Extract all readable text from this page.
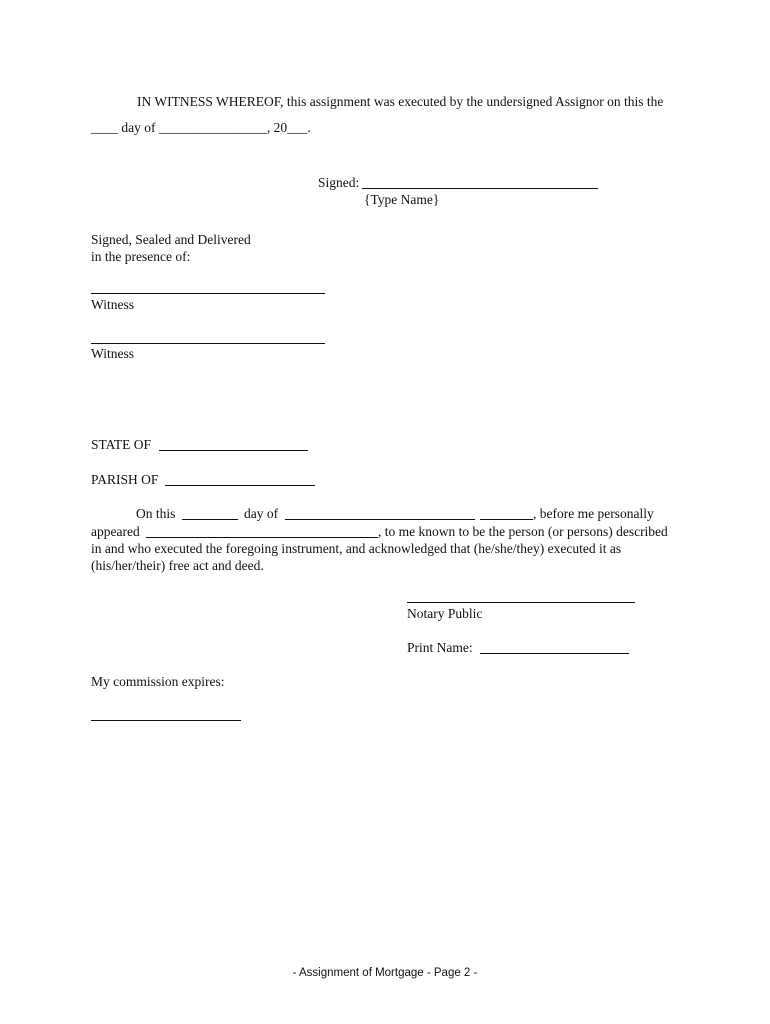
IN WITNESS WHEREOF, this assignment was executed by the undersigned Assignor on this the
____ day of ________________, 20___.
Signed:
{Type Name}
Signed, Sealed and Delivered
in the presence of:
Witness
Witness
STATE OF
PARISH OF
On this	day of	, before me personally
appeared	, to me known to be the person (or persons) described
in and who executed the foregoing instrument, and acknowledged that (he/she/they) executed it as
(his/her/their) free act and deed.
Notary Public
Print Name:
My commission expires:
- Assignment of Mortgage - Page 2 -
